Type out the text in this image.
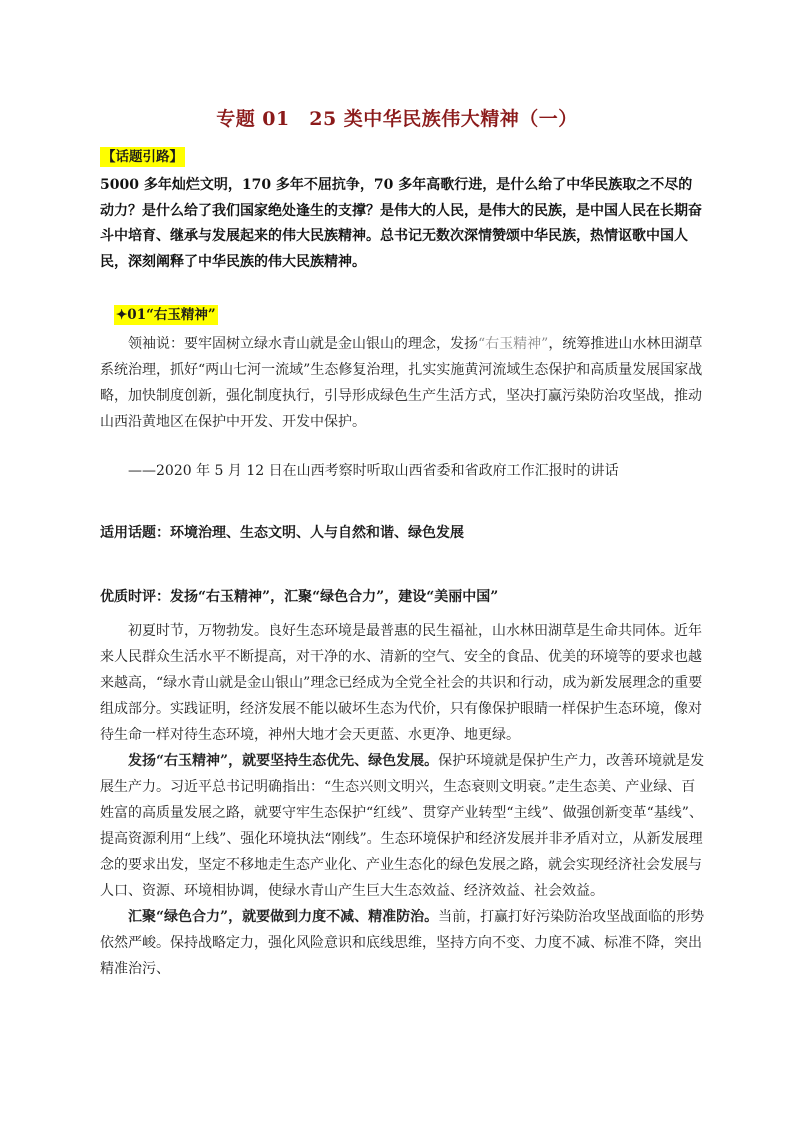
专题 01　25 类中华民族伟大精神（一）
【话题引路】
5000 多年灿烂文明，170 多年不屈抗争，70 多年高歌行进，是什么给了中华民族取之不尽的动力？是什么给了我们国家绝处逢生的支撑？是伟大的人民，是伟大的民族，是中国人民在长期奋斗中培育、继承与发展起来的伟大民族精神。总书记无数次深情赞颂中华民族，热情讴歌中国人民，深刻阐释了中华民族的伟大民族精神。
✦01“右玉精神”

领袖说：要牢固树立绿水青山就是金山银山的理念，发扬“右玉精神”，统筹推进山水林田湖草系统治理，抓好“两山七河一流域”生态修复治理，扎实实施黄河流域生态保护和高质量发展国家战略，加快制度创新，强化制度执行，引导形成绿色生产生活方式，坚决打赢污染防治攻坚战，推动山西沿黄地区在保护中开发、开发中保护。

——2020 年 5 月 12 日在山西考察时听取山西省委和省政府工作汇报时的讲话

适用话题：环境治理、生态文明、人与自然和谐、绿色发展
优质时评：发扬“右玉精神”，汇聚“绿色合力”，建设“美丽中国”

初夏时节，万物勃发。良好生态环境是最普惠的民生福祉，山水林田湖草是生命共同体。近年来人民群众生活水平不断提高，对干净的水、清新的空气、安全的食品、优美的环境等的要求也越来越高，“绿水青山就是金山银山”理念已经成为全党全社会的共识和行动，成为新发展理念的重要组成部分。实践证明，经济发展不能以破坏生态为代价，只有像保护眼睛一样保护生态环境，像对待生命一样对待生态环境，神州大地才会天更蓝、水更净、地更绿。

发扬“右玉精神”，就要坚持生态优先、绿色发展。保护环境就是保护生产力，改善环境就是发展生产力。习近平总书记明确指出：“生态兴则文明兴，生态衰则文明衰。”走生态美、产业绿、百姓富的高质量发展之路，就要守牢生态保护“红线”、贯穿产业转型“主线”、做强创新变革“基线”、提高资源利用“上线”、强化环境执法“刚线”。生态环境保护和经济发展并非矛盾对立，从新发展理念的要求出发，坚定不移地走生态产业化、产业生态化的绿色发展之路，就会实现经济社会发展与人口、资源、环境相协调，使绿水青山产生巨大生态效益、经济效益、社会效益。

汇聚“绿色合力”，就要做到力度不减、精准防治。当前，打赢打好污染防治攻坚战面临的形势依然严峻。保持战略定力，强化风险意识和底线思维，坚持方向不变、力度不减、标准不降，突出精准治污、
